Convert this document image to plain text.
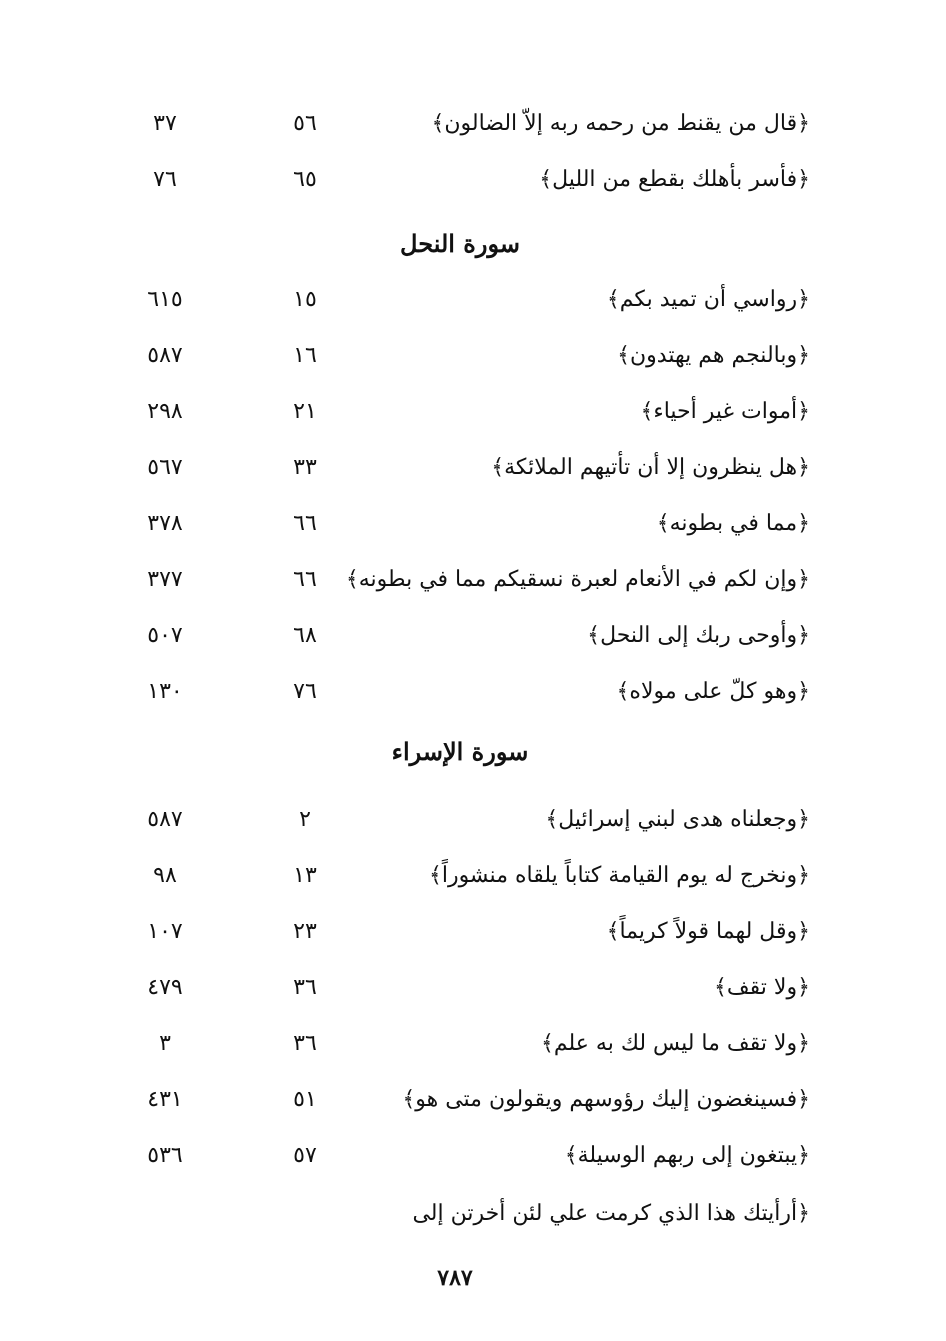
﴿قال من يقنط من رحمه ربه إلاّ الضالون﴾
٥٦
٣٧
﴿فأسر بأهلك بقطع من الليل﴾
٦٥
٧٦
سورة النحل
﴿رواسي أن تميد بكم﴾
١٥
٦١٥
﴿وبالنجم هم يهتدون﴾
١٦
٥٨٧
﴿أموات غير أحياء﴾
٢١
٢٩٨
﴿هل ينظرون إلا أن تأتيهم الملائكة﴾
٣٣
٥٦٧
﴿مما في بطونه﴾
٦٦
٣٧٨
﴿وإن لكم في الأنعام لعبرة نسقيكم مما في بطونه﴾
٦٦
٣٧٧
﴿وأوحى ربك إلى النحل﴾
٦٨
٥٠٧
﴿وهو كلّ على مولاه﴾
٧٦
١٣٠
سورة الإسراء
﴿وجعلناه هدى لبني إسرائيل﴾
٢
٥٨٧
﴿ونخرج له يوم القيامة كتاباً يلقاه منشوراً﴾
١٣
٩٨
﴿وقل لهما قولاً كريماً﴾
٢٣
١٠٧
﴿ولا تقف﴾
٣٦
٤٧٩
﴿ولا تقف ما ليس لك به علم﴾
٣٦
٣
﴿فسينغضون إليك رؤوسهم ويقولون متى هو﴾
٥١
٤٣١
﴿يبتغون إلى ربهم الوسيلة﴾
٥٧
٥٣٦
﴿أرأيتك هذا الذي كرمت علي لئن أخرتن إلى
٧٨٧
